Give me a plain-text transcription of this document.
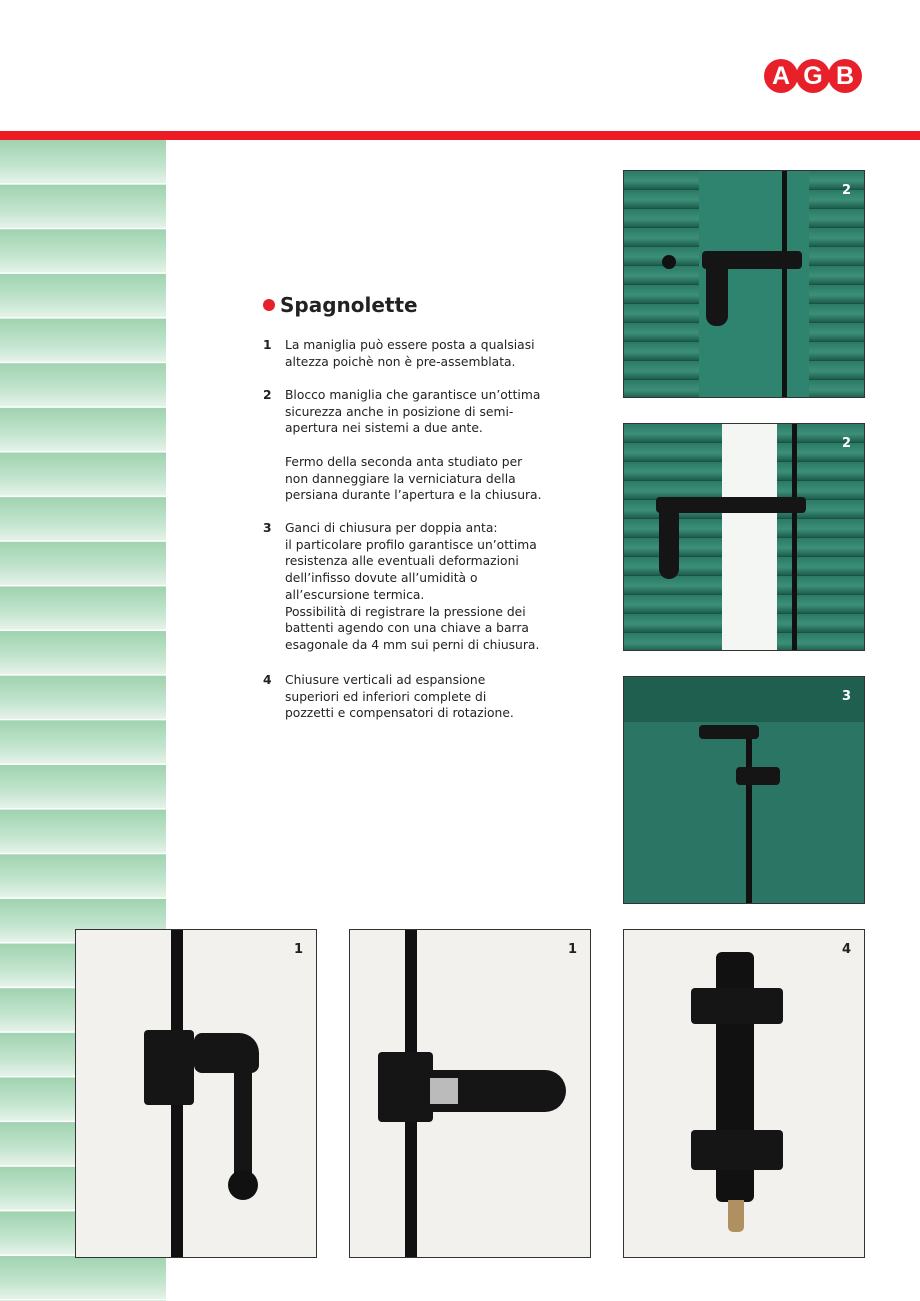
A G B
Spagnolette
1 La maniglia può essere posta a qualsiasi
altezza poichè non è pre-assemblata.
2 Blocco maniglia che garantisce un’ottima
sicurezza anche in posizione di semi-
apertura nei sistemi a due ante.
Fermo della seconda anta studiato per
non danneggiare la verniciatura della
persiana durante l’apertura e la chiusura.
3 Ganci di chiusura per doppia anta:
il particolare profilo garantisce un’ottima
resistenza alle eventuali deformazioni
dell’infisso dovute all’umidità o
all’escursione termica.
Possibilità di registrare la pressione dei
battenti agendo con una chiave a barra
esagonale da 4 mm sui perni di chiusura.
4 Chiusure verticali ad espansione
superiori ed inferiori complete di
pozzetti e compensatori di rotazione.
2
2
3
1	1	4
